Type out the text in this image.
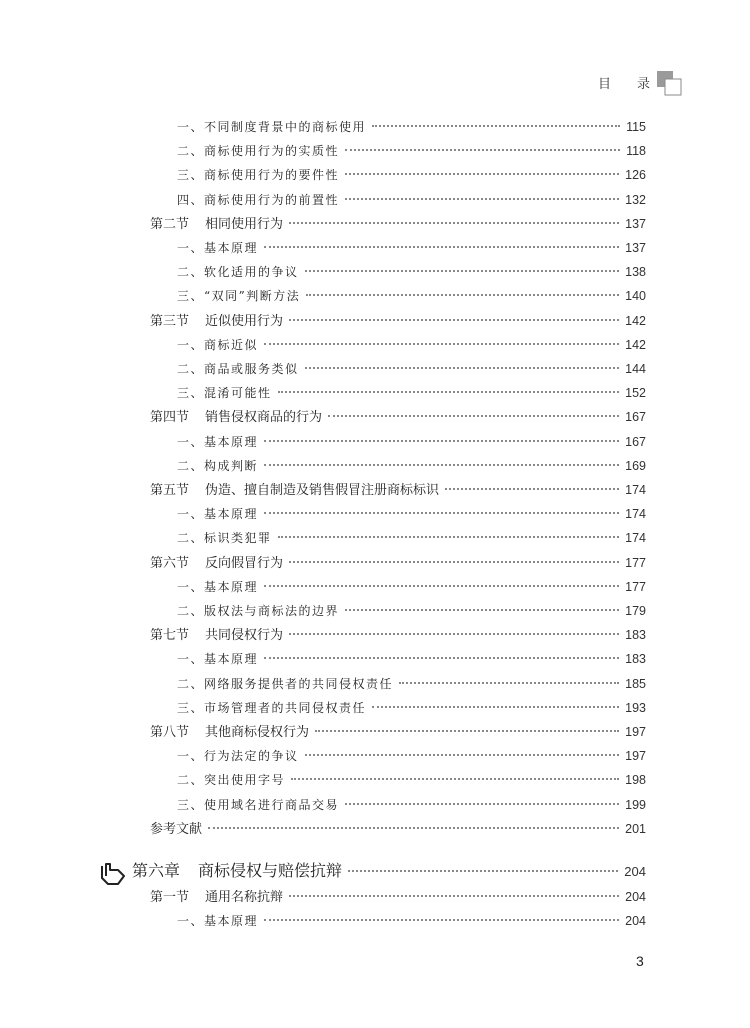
目 录
一、不同制度背景中的商标使用	115
二、商标使用行为的实质性	118
三、商标使用行为的要件性	126
四、商标使用行为的前置性	132
第二节	相同使用行为	137
一、基本原理	137
二、软化适用的争议	138
三、“双同”判断方法	140
第三节	近似使用行为	142
一、商标近似	142
二、商品或服务类似	144
三、混淆可能性	152
第四节	销售侵权商品的行为	167
一、基本原理	167
二、构成判断	169
第五节	伪造、擅自制造及销售假冒注册商标标识	174
一、基本原理	174
二、标识类犯罪	174
第六节	反向假冒行为	177
一、基本原理	177
二、版权法与商标法的边界	179
第七节	共同侵权行为	183
一、基本原理	183
二、网络服务提供者的共同侵权责任	185
三、市场管理者的共同侵权责任	193
第八节	其他商标侵权行为	197
一、行为法定的争议	197
二、突出使用字号	198
三、使用域名进行商品交易	199
参考文献	201
第六章	商标侵权与赔偿抗辩	204
第一节	通用名称抗辩	204
一、基本原理	204
3
